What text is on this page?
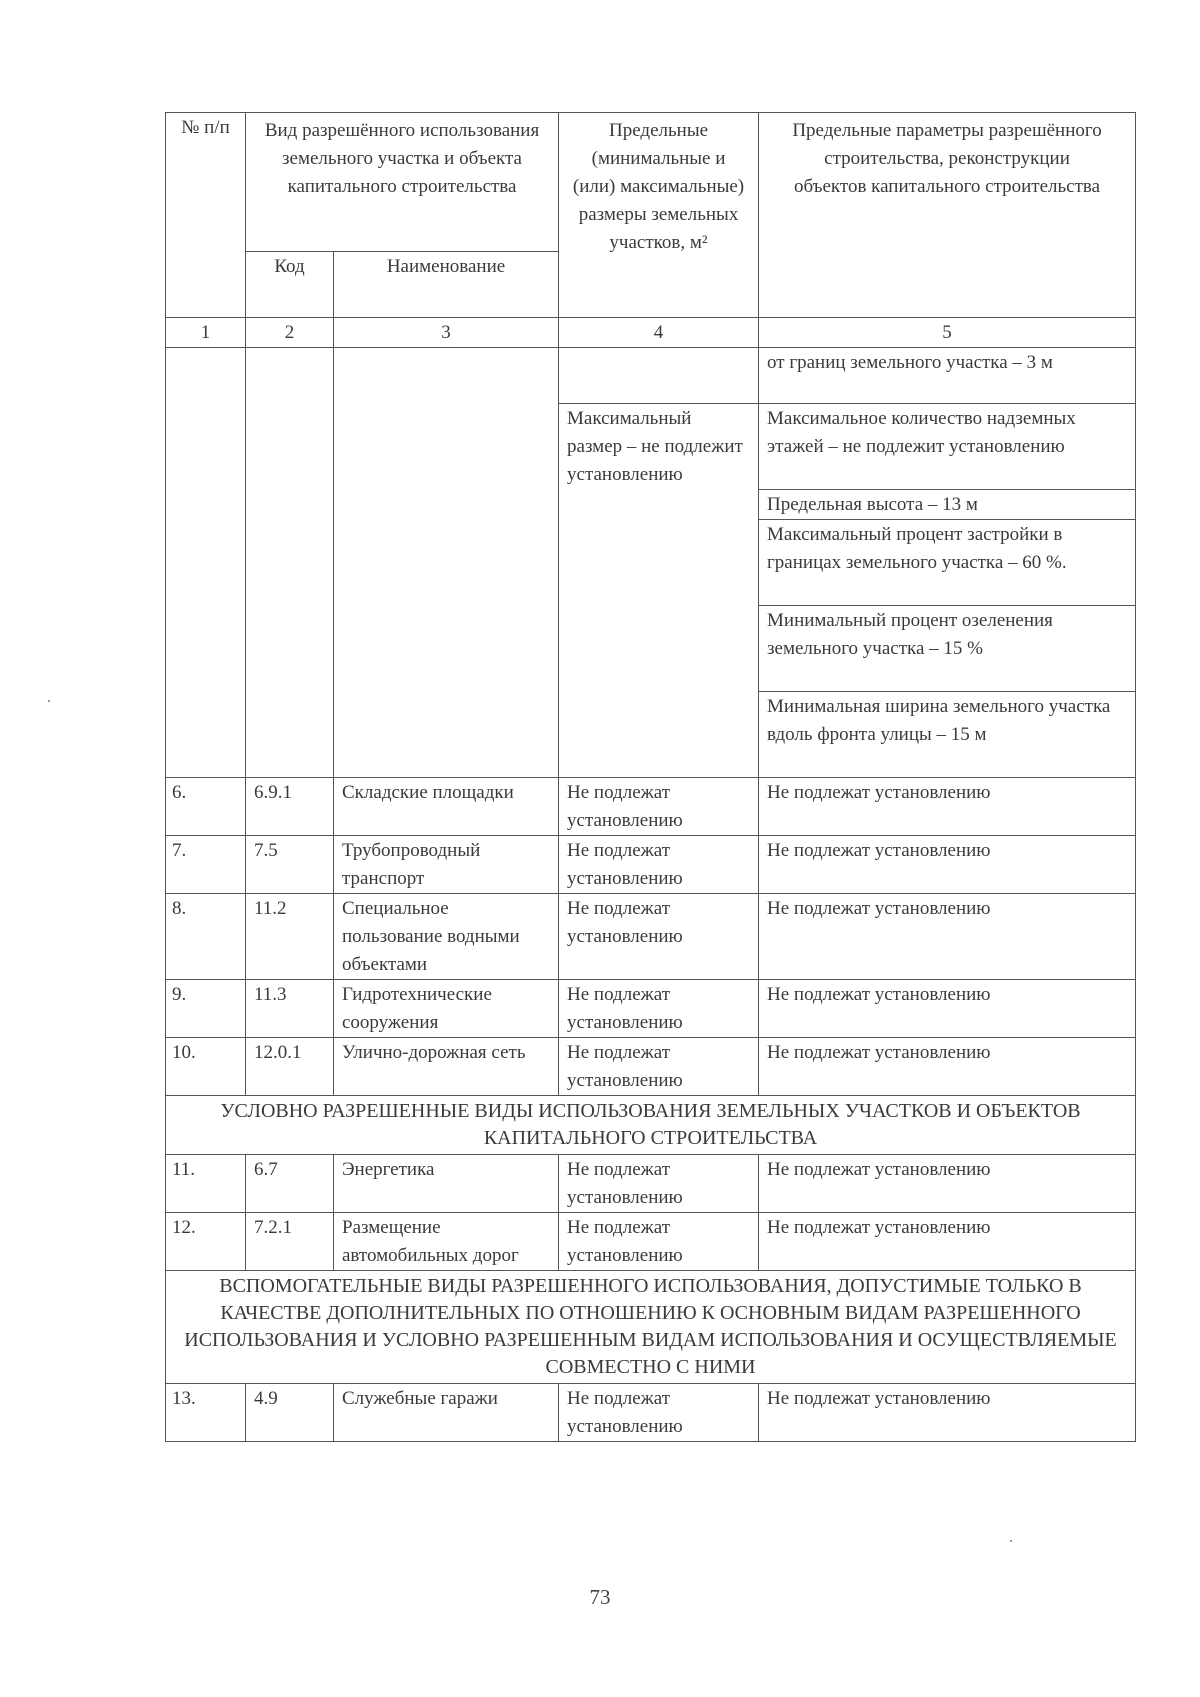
№ п/п	Вид разрешённого использования земельного участка и объекта капитального строительства		Предельные (минимальные и (или) максимальные) размеры земельных участков, м²	Предельные параметры разрешённого строительства, реконструкции объектов капитального строительства
	Код	Наименование		
1	2	3	4	5
				от границ земельного участка – 3 м
			Максимальный размер – не подлежит установлению	Максимальное количество надземных этажей – не подлежит установлению
				Предельная высота – 13 м
				Максимальный процент застройки в границах земельного участка – 60 %.
				Минимальный процент озеленения земельного участка – 15 %
				Минимальная ширина земельного участка вдоль фронта улицы – 15 м
6.	6.9.1	Складские площадки	Не подлежат установлению	Не подлежат установлению
7.	7.5	Трубопроводный транспорт	Не подлежат установлению	Не подлежат установлению
8.	11.2	Специальное пользование водными объектами	Не подлежат установлению	Не подлежат установлению
9.	11.3	Гидротехнические сооружения	Не подлежат установлению	Не подлежат установлению
10.	12.0.1	Улично-дорожная сеть	Не подлежат установлению	Не подлежат установлению
УСЛОВНО РАЗРЕШЕННЫЕ ВИДЫ ИСПОЛЬЗОВАНИЯ ЗЕМЕЛЬНЫХ УЧАСТКОВ И ОБЪЕКТОВ КАПИТАЛЬНОГО СТРОИТЕЛЬСТВА				
11.	6.7	Энергетика	Не подлежат установлению	Не подлежат установлению
12.	7.2.1	Размещение автомобильных дорог	Не подлежат установлению	Не подлежат установлению
ВСПОМОГАТЕЛЬНЫЕ ВИДЫ РАЗРЕШЕННОГО ИСПОЛЬЗОВАНИЯ, ДОПУСТИМЫЕ ТОЛЬКО В КАЧЕСТВЕ ДОПОЛНИТЕЛЬНЫХ ПО ОТНОШЕНИЮ К ОСНОВНЫМ ВИДАМ РАЗРЕШЕННОГО ИСПОЛЬЗОВАНИЯ И УСЛОВНО РАЗРЕШЕННЫМ ВИДАМ ИСПОЛЬЗОВАНИЯ И ОСУЩЕСТВЛЯЕМЫЕ СОВМЕСТНО С НИМИ				
13.	4.9	Служебные гаражи	Не подлежат установлению	Не подлежат установлению
73
